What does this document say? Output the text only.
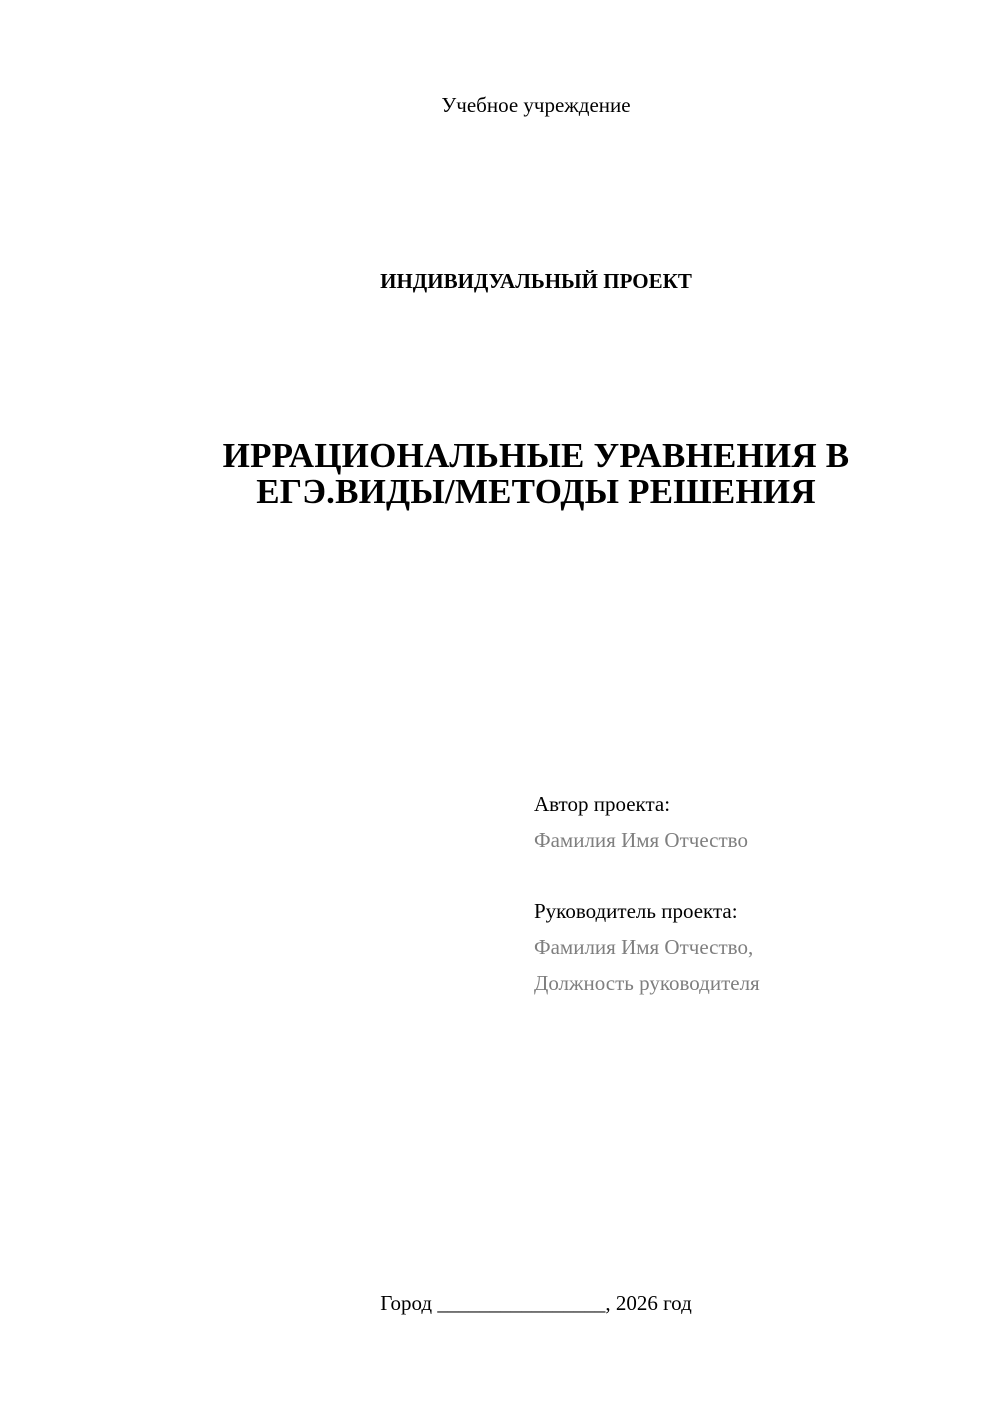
Учебное учреждение
ИНДИВИДУАЛЬНЫЙ ПРОЕКТ
ИРРАЦИОНАЛЬНЫЕ УРАВНЕНИЯ В
ЕГЭ.ВИДЫ/МЕТОДЫ РЕШЕНИЯ
Автор проекта:
Фамилия Имя Отчество
Руководитель проекта:
Фамилия Имя Отчество,
Должность руководителя
Город ________________, 2026 год
